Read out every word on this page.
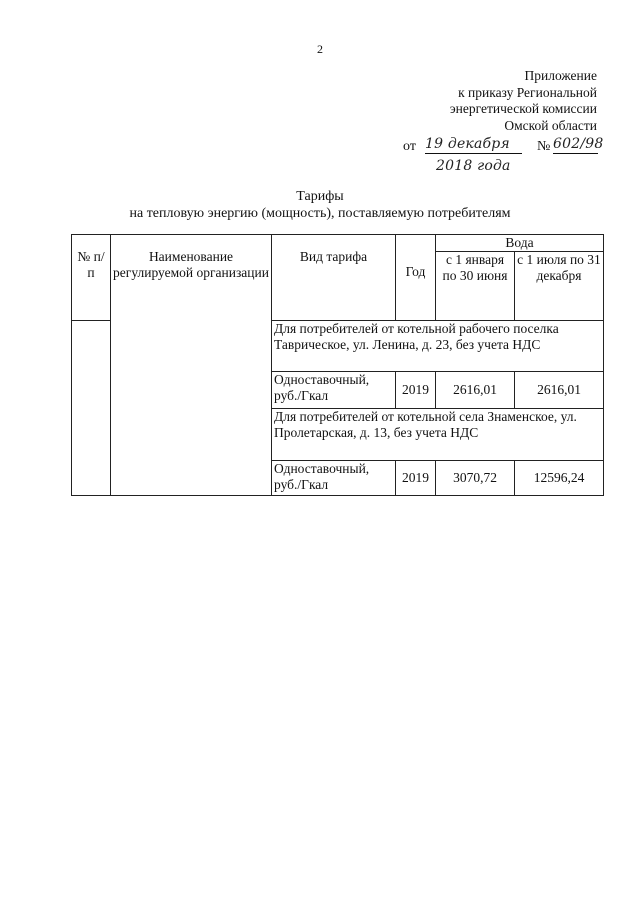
2
Приложение
к приказу Региональной
энергетической комиссии
Омской области
от 19 декабря
2018 года
№ 602/98
Тарифы
на тепловую энергию (мощность), поставляемую потребителям
№ п/п	Наименование регулируемой организации	Вид тарифа	Год	Вода	
				с 1 января по 30 июня	с 1 июля по 31 декабря
		Для потребителей от котельной рабочего поселка Таврическое, ул. Ленина, д. 23, без учета НДС			
		Одноставочный, руб./Гкал	2019	2616,01	2616,01
		Для потребителей от котельной села Знаменское, ул. Пролетарская, д. 13, без учета НДС			
		Одноставочный, руб./Гкал	2019	3070,72	12596,24
